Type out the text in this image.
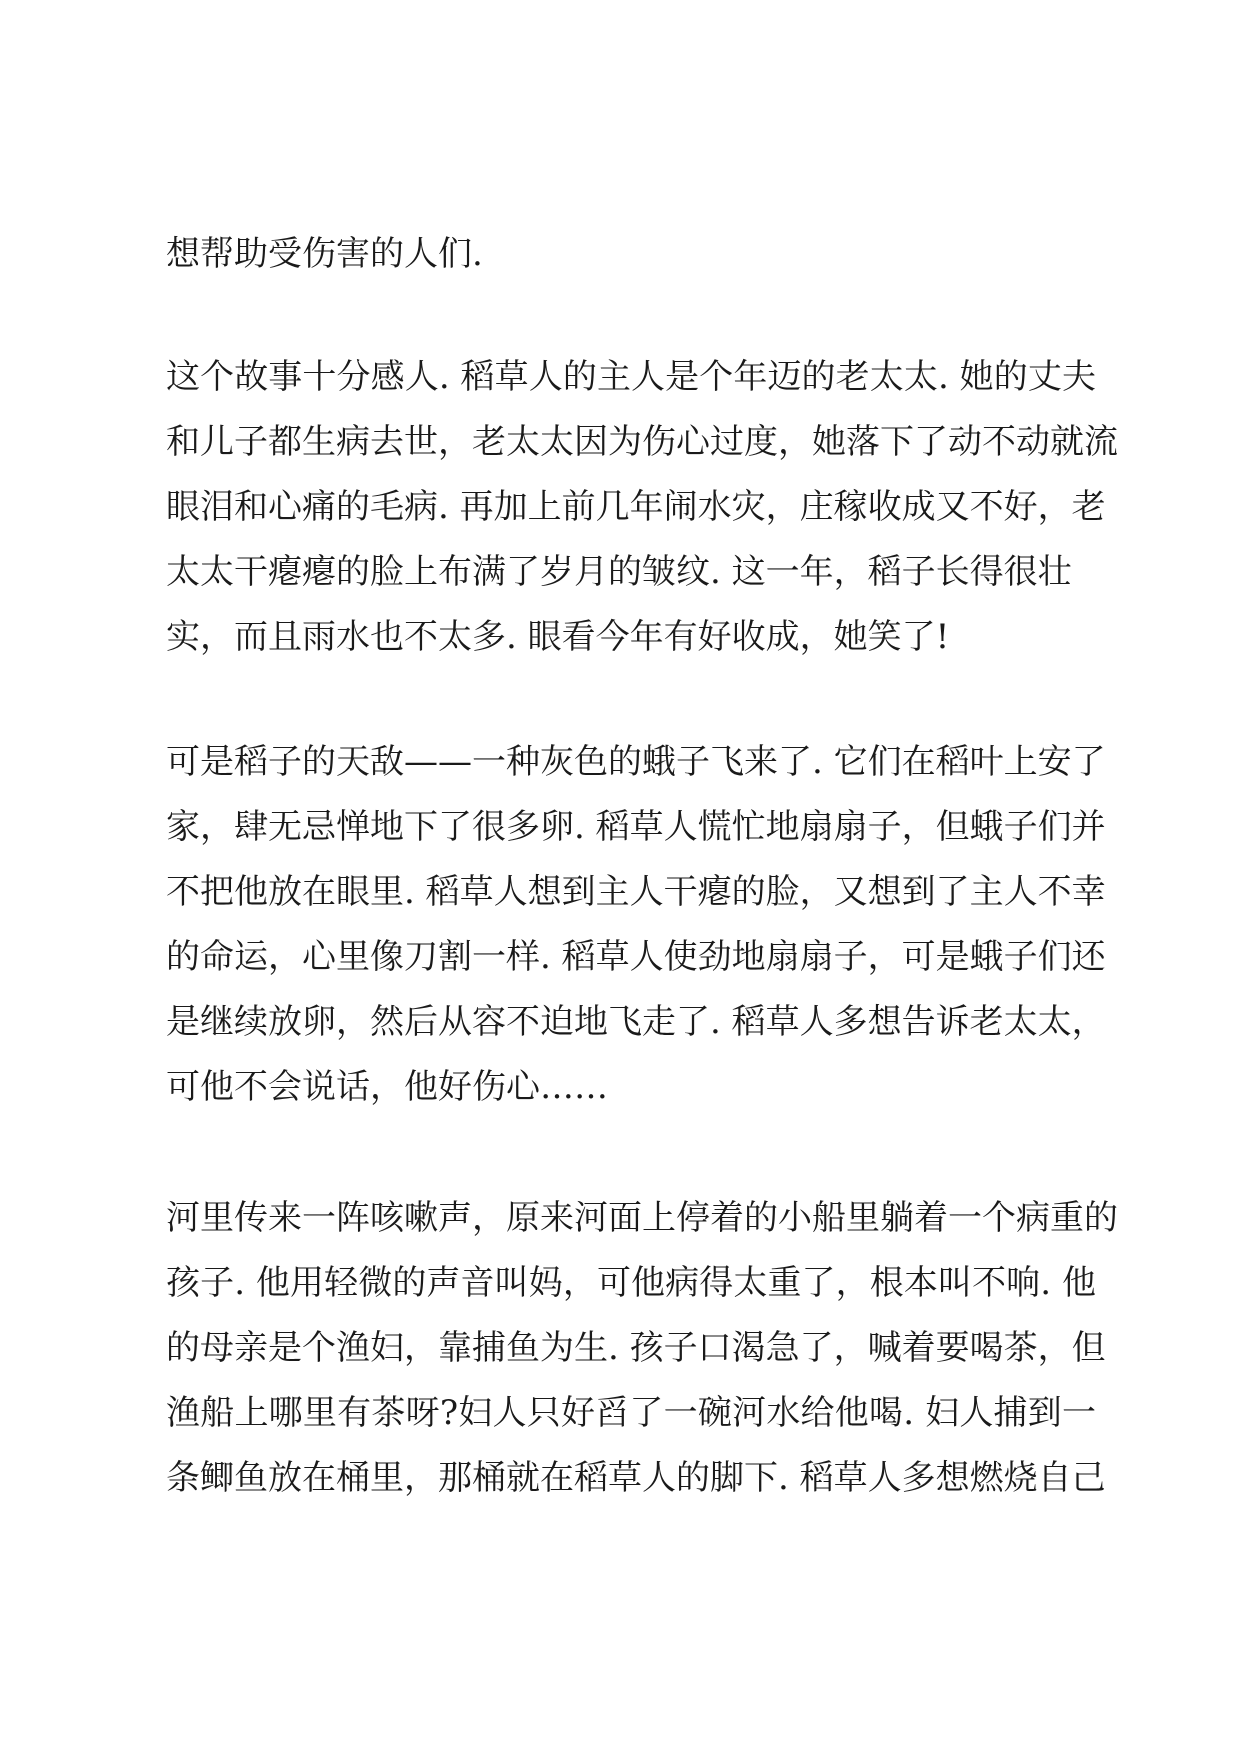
想帮助受伤害的人们.
这个故事十分感人. 稻草人的主人是个年迈的老太太. 她的丈夫
和儿子都生病去世，老太太因为伤心过度，她落下了动不动就流
眼泪和心痛的毛病. 再加上前几年闹水灾，庄稼收成又不好，老
太太干瘪瘪的脸上布满了岁月的皱纹. 这一年，稻子长得很壮
实，而且雨水也不太多. 眼看今年有好收成，她笑了!
可是稻子的天敌——一种灰色的蛾子飞来了. 它们在稻叶上安了
家，肆无忌惮地下了很多卵. 稻草人慌忙地扇扇子，但蛾子们并
不把他放在眼里. 稻草人想到主人干瘪的脸，又想到了主人不幸
的命运，心里像刀割一样. 稻草人使劲地扇扇子，可是蛾子们还
是继续放卵，然后从容不迫地飞走了. 稻草人多想告诉老太太，
可他不会说话，他好伤心……
河里传来一阵咳嗽声，原来河面上停着的小船里躺着一个病重的
孩子. 他用轻微的声音叫妈，可他病得太重了，根本叫不响. 他
的母亲是个渔妇，靠捕鱼为生. 孩子口渴急了，喊着要喝茶，但
渔船上哪里有茶呀?妇人只好舀了一碗河水给他喝. 妇人捕到一
条鲫鱼放在桶里，那桶就在稻草人的脚下. 稻草人多想燃烧自己
